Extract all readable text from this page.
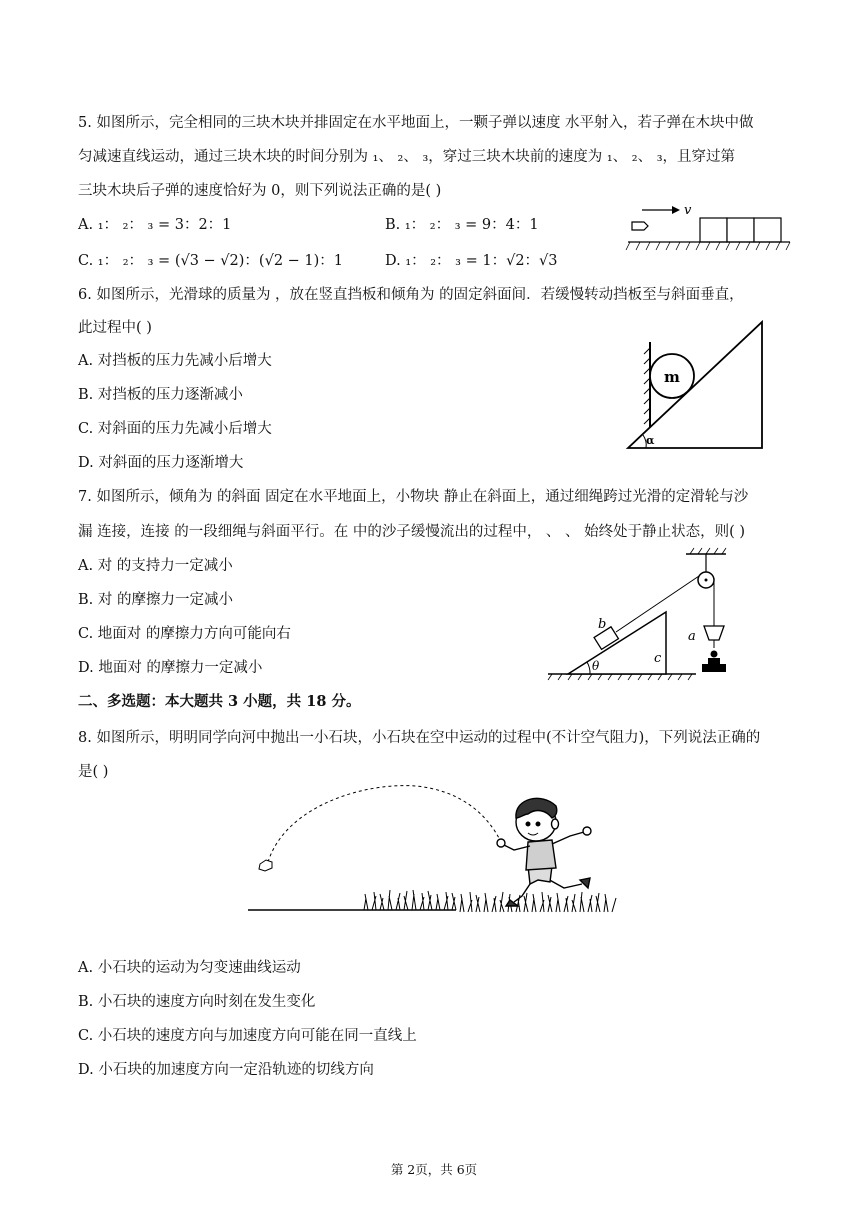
5. 如图所示，完全相同的三块木块并排固定在水平地面上，一颗子弹以速度 水平射入，若子弹在木块中做
匀减速直线运动，通过三块木块的时间分别为 ₁、 ₂、 ₃，穿过三块木块前的速度为 ₁、 ₂、 ₃，且穿过第
三块木块后子弹的速度恰好为 0，则下列说法正确的是( )
A. ₁： ₂： ₃ = 3：2：1	B. ₁： ₂： ₃ = 9：4：1
C. ₁： ₂： ₃ = (√3 − √2)：(√2 − 1)：1	D. ₁： ₂： ₃ = 1：√2：√3
v
6. 如图所示，光滑球的质量为 ，放在竖直挡板和倾角为 的固定斜面间．若缓慢转动挡板至与斜面垂直，
此过程中( )
A. 对挡板的压力先减小后增大
B. 对挡板的压力逐渐减小
C. 对斜面的压力先减小后增大
D. 对斜面的压力逐渐增大
m
α
7. 如图所示，倾角为 的斜面 固定在水平地面上，小物块 静止在斜面上，通过细绳跨过光滑的定滑轮与沙
漏 连接，连接 的一段细绳与斜面平行。在 中的沙子缓慢流出的过程中， 、 、 始终处于静止状态，则( )
A. 对 的支持力一定减小
B. 对 的摩擦力一定减小
C. 地面对 的摩擦力方向可能向右
D. 地面对 的摩擦力一定减小	θ	c
b
a
二、多选题：本大题共 3 小题，共 18 分。
8. 如图所示，明明同学向河中抛出一小石块，小石块在空中运动的过程中(不计空气阻力)，下列说法正确的
是( )
A. 小石块的运动为匀变速曲线运动
B. 小石块的速度方向时刻在发生变化
C. 小石块的速度方向与加速度方向可能在同一直线上
D. 小石块的加速度方向一定沿轨迹的切线方向
第 2页，共 6页
